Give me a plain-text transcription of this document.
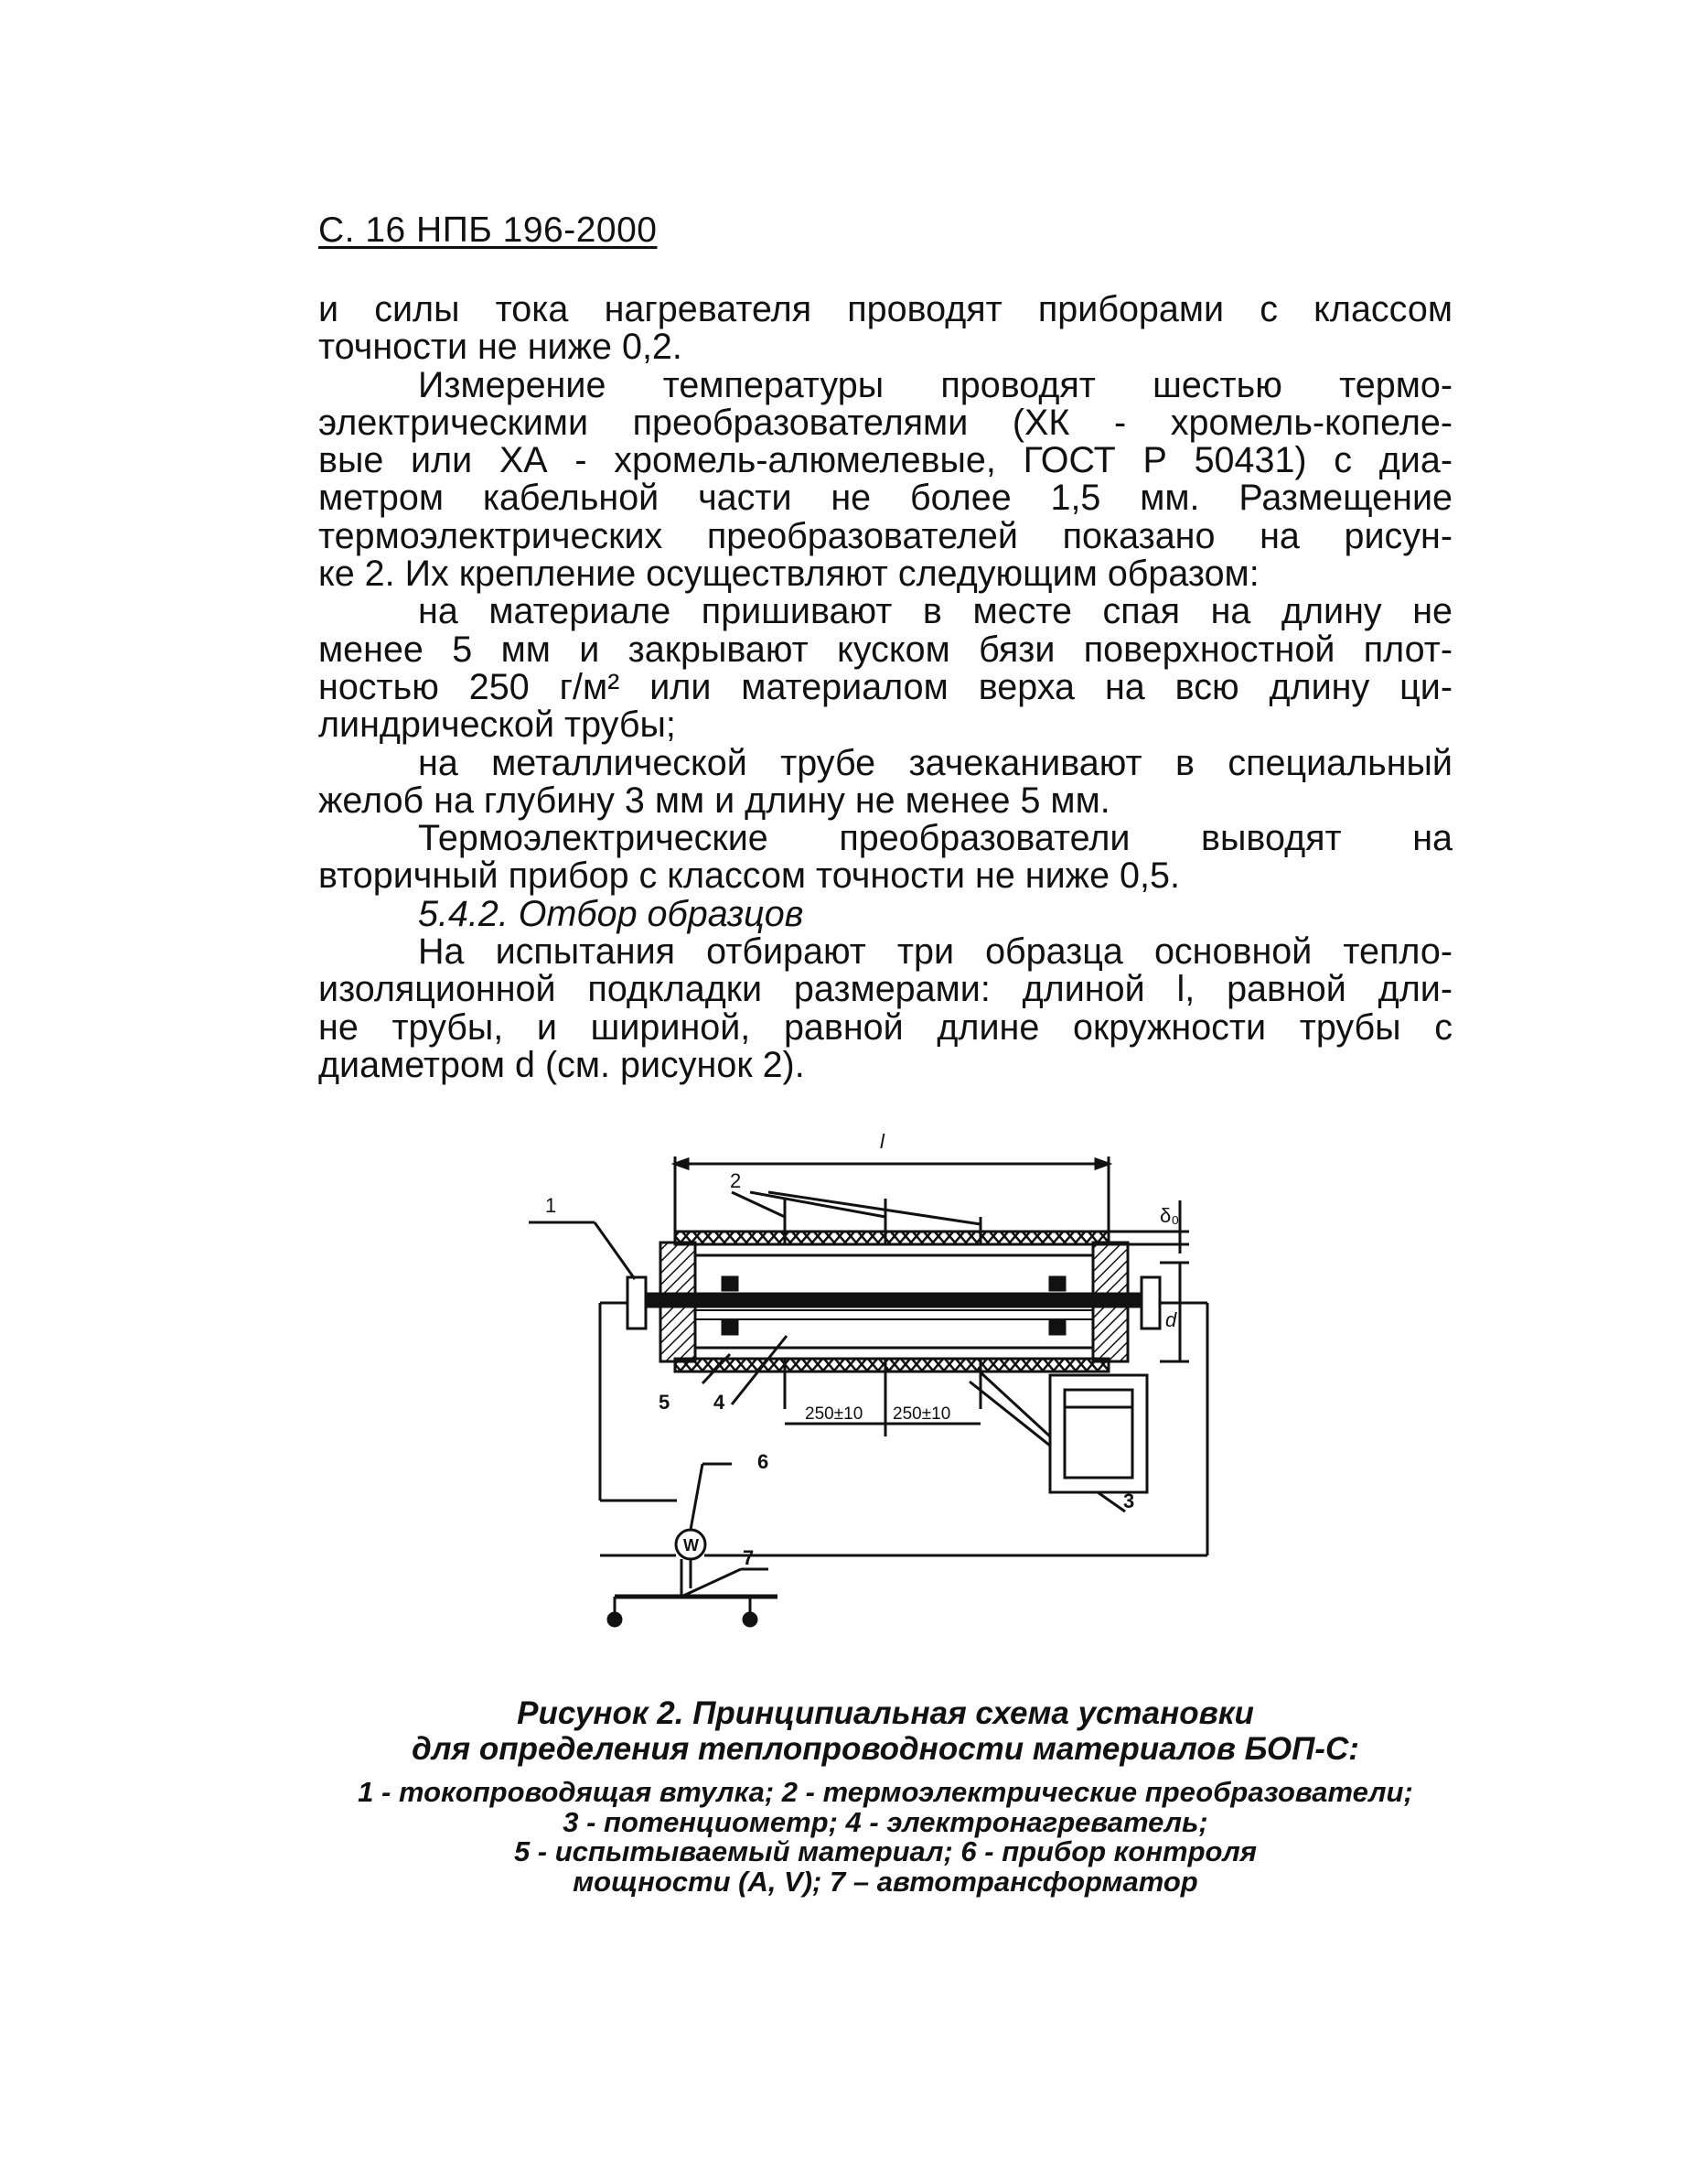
С. 16 НПБ 196-2000
и силы тока нагревателя проводят приборами с классом
точности не ниже 0,2.
Измерение температуры проводят шестью термо-
электрическими преобразователями (ХК - хромель-копеле-
вые или ХА - хромель-алюмелевые, ГОСТ Р 50431) с диа-
метром кабельной части не более 1,5 мм. Размещение
термоэлектрических преобразователей показано на рисун-
ке 2. Их крепление осуществляют следующим образом:
на материале пришивают в месте спая на длину не
менее 5 мм и закрывают куском бязи поверхностной плот-
ностью 250 г/м² или материалом верха на всю длину ци-
линдрической трубы;
на металлической трубе зачеканивают в специальный
желоб на глубину 3 мм и длину не менее 5 мм.
Термоэлектрические преобразователи выводят на
вторичный прибор с классом точности не ниже 0,5.
5.4.2. Отбор образцов
На испытания отбирают три образца основной тепло-
изоляционной подкладки размерами: длиной l, равной дли-
не трубы, и шириной, равной длине окружности трубы с
диаметром d (см. рисунок 2).
l
1
2
3
4
5
6
7
δ₀
d
250±10 250±10
W
Рисунок 2. Принципиальная схема установки
для определения теплопроводности материалов БОП-С:
1 - токопроводящая втулка; 2 - термоэлектрические преобразователи;
3 - потенциометр; 4 - электронагреватель;
5 - испытываемый материал; 6 - прибор контроля
мощности (А, V); 7 – автотрансформатор
